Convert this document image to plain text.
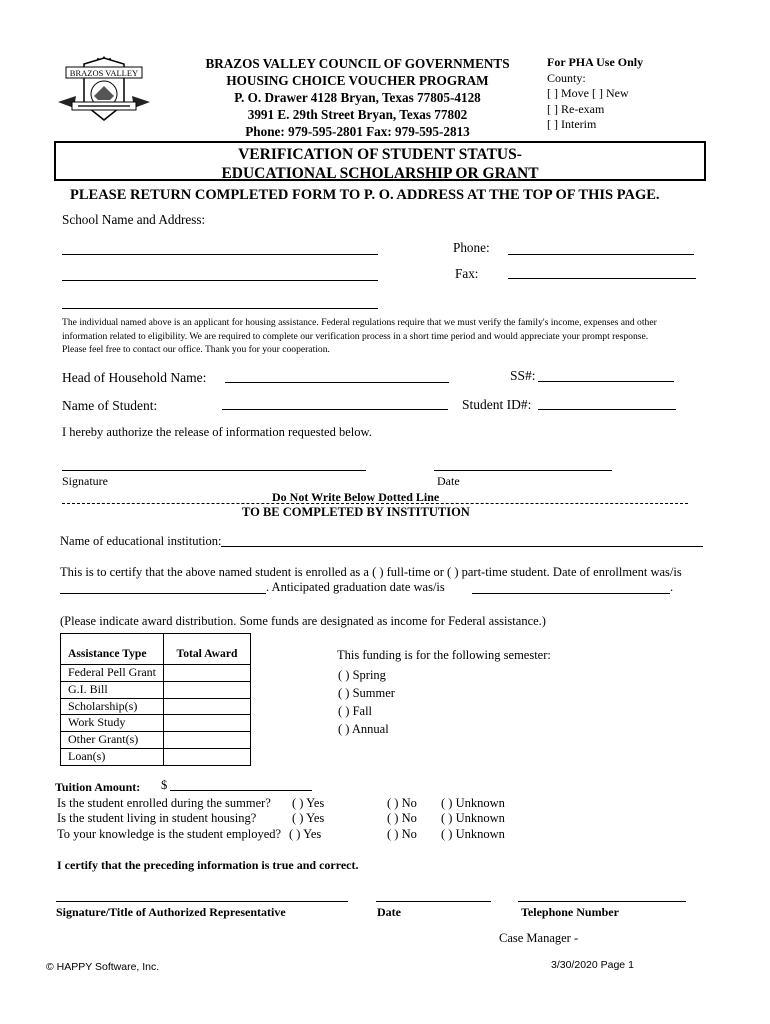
BRAZOS VALLEY
BRAZOS VALLEY COUNCIL OF GOVERNMENTS
HOUSING CHOICE VOUCHER PROGRAM
P. O. Drawer 4128 Bryan, Texas 77805-4128
3991 E. 29th Street Bryan, Texas 77802
Phone: 979-595-2801 Fax: 979-595-2813
For PHA Use Only
County:
[ ] Move [ ] New
[ ] Re-exam
[ ] Interim
VERIFICATION OF STUDENT STATUS-
EDUCATIONAL SCHOLARSHIP OR GRANT
PLEASE RETURN COMPLETED FORM TO P. O. ADDRESS AT THE TOP OF THIS PAGE.
School Name and Address:
Phone:
Fax:
The individual named above is an applicant for housing assistance. Federal regulations require that we must verify the family's income, expenses and other
information related to eligibility. We are required to complete our verification process in a short time period and would appreciate your prompt response.
Please feel free to contact our office. Thank you for your cooperation.
Head of Household Name:	SS#:
Name of Student:	Student ID#:
I hereby authorize the release of information requested below.
Signature	Date
Do Not Write Below Dotted Line
TO BE COMPLETED BY INSTITUTION
Name of educational institution:
This is to certify that the above named student is enrolled as a ( ) full-time or ( ) part-time student. Date of enrollment was/is
. Anticipated graduation date was/is	.
(Please indicate award distribution. Some funds are designated as income for Federal assistance.)
Assistance Type	Total Award
Federal Pell Grant	
G.I. Bill	
Scholarship(s)	
Work Study	
Other Grant(s)	
Loan(s)	
This funding is for the following semester:
( ) Spring
( ) Summer
( ) Fall
( ) Annual
Tuition Amount: $
Is the student enrolled during the summer? ( ) Yes	( ) No ( ) Unknown
Is the student living in student housing?	( ) Yes	( ) No ( ) Unknown
To your knowledge is the student employed? ( ) Yes	( ) No ( ) Unknown
I certify that the preceding information is true and correct.
Signature/Title of Authorized Representative	Date	Telephone Number
Case Manager -
© HAPPY Software, Inc.	3/30/2020 Page 1
